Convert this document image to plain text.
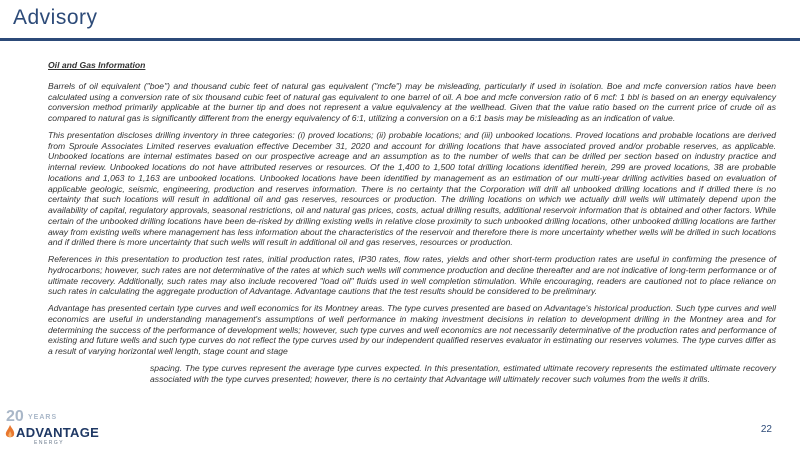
Advisory
Oil and Gas Information

Barrels of oil equivalent ("boe") and thousand cubic feet of natural gas equivalent ("mcfe") may be misleading, particularly if used in isolation. Boe and mcfe conversion ratios have been calculated using a conversion rate of six thousand cubic feet of natural gas equivalent to one barrel of oil. A boe and mcfe conversion ratio of 6 mcf: 1 bbl is based on an energy equivalency conversion method primarily applicable at the burner tip and does not represent a value equivalency at the wellhead. Given that the value ratio based on the current price of crude oil as compared to natural gas is significantly different from the energy equivalency of 6:1, utilizing a conversion on a 6:1 basis may be misleading as an indication of value.

This presentation discloses drilling inventory in three categories: (i) proved locations; (ii) probable locations; and (iii) unbooked locations. Proved locations and probable locations are derived from Sproule Associates Limited reserves evaluation effective December 31, 2020 and account for drilling locations that have associated proved and/or probable reserves, as applicable. Unbooked locations are internal estimates based on our prospective acreage and an assumption as to the number of wells that can be drilled per section based on industry practice and internal review. Unbooked locations do not have attributed reserves or resources. Of the 1,400 to 1,500 total drilling locations identified herein, 299 are proved locations, 38 are probable locations and 1,063 to 1,163 are unbooked locations. Unbooked locations have been identified by management as an estimation of our multi-year drilling activities based on evaluation of applicable geologic, seismic, engineering, production and reserves information. There is no certainty that the Corporation will drill all unbooked drilling locations and if drilled there is no certainty that such locations will result in additional oil and gas reserves, resources or production. The drilling locations on which we actually drill wells will ultimately depend upon the availability of capital, regulatory approvals, seasonal restrictions, oil and natural gas prices, costs, actual drilling results, additional reservoir information that is obtained and other factors. While certain of the unbooked drilling locations have been de-risked by drilling existing wells in relative close proximity to such unbooked drilling locations, other unbooked drilling locations are farther away from existing wells where management has less information about the characteristics of the reservoir and therefore there is more uncertainty whether wells will be drilled in such locations and if drilled there is more uncertainty that such wells will result in additional oil and gas reserves, resources or production.

References in this presentation to production test rates, initial production rates, IP30 rates, flow rates, yields and other short-term production rates are useful in confirming the presence of hydrocarbons; however, such rates are not determinative of the rates at which such wells will commence production and decline thereafter and are not indicative of long-term performance or of ultimate recovery. Additionally, such rates may also include recovered "load oil" fluids used in well completion stimulation. While encouraging, readers are cautioned not to place reliance on such rates in calculating the aggregate production of Advantage. Advantage cautions that the test results should be considered to be preliminary.

Advantage has presented certain type curves and well economics for its Montney areas. The type curves presented are based on Advantage's historical production. Such type curves and well economics are useful in understanding management's assumptions of well performance in making investment decisions in relation to development drilling in the Montney area and for determining the success of the performance of development wells; however, such type curves and well economics are not necessarily determinative of the production rates and performance of existing and future wells and such type curves do not reflect the type curves used by our independent qualified reserves evaluator in estimating our reserves volumes. The type curves differ as a result of varying horizontal well length, stage count and stage

spacing. The type curves represent the average type curves expected. In this presentation, estimated ultimate recovery represents the estimated ultimate recovery associated with the type curves presented; however, there is no certainty that Advantage will ultimately recover such volumes from the wells it drills.

20 YEARS
ADVANTAGE
ENERGY
22
